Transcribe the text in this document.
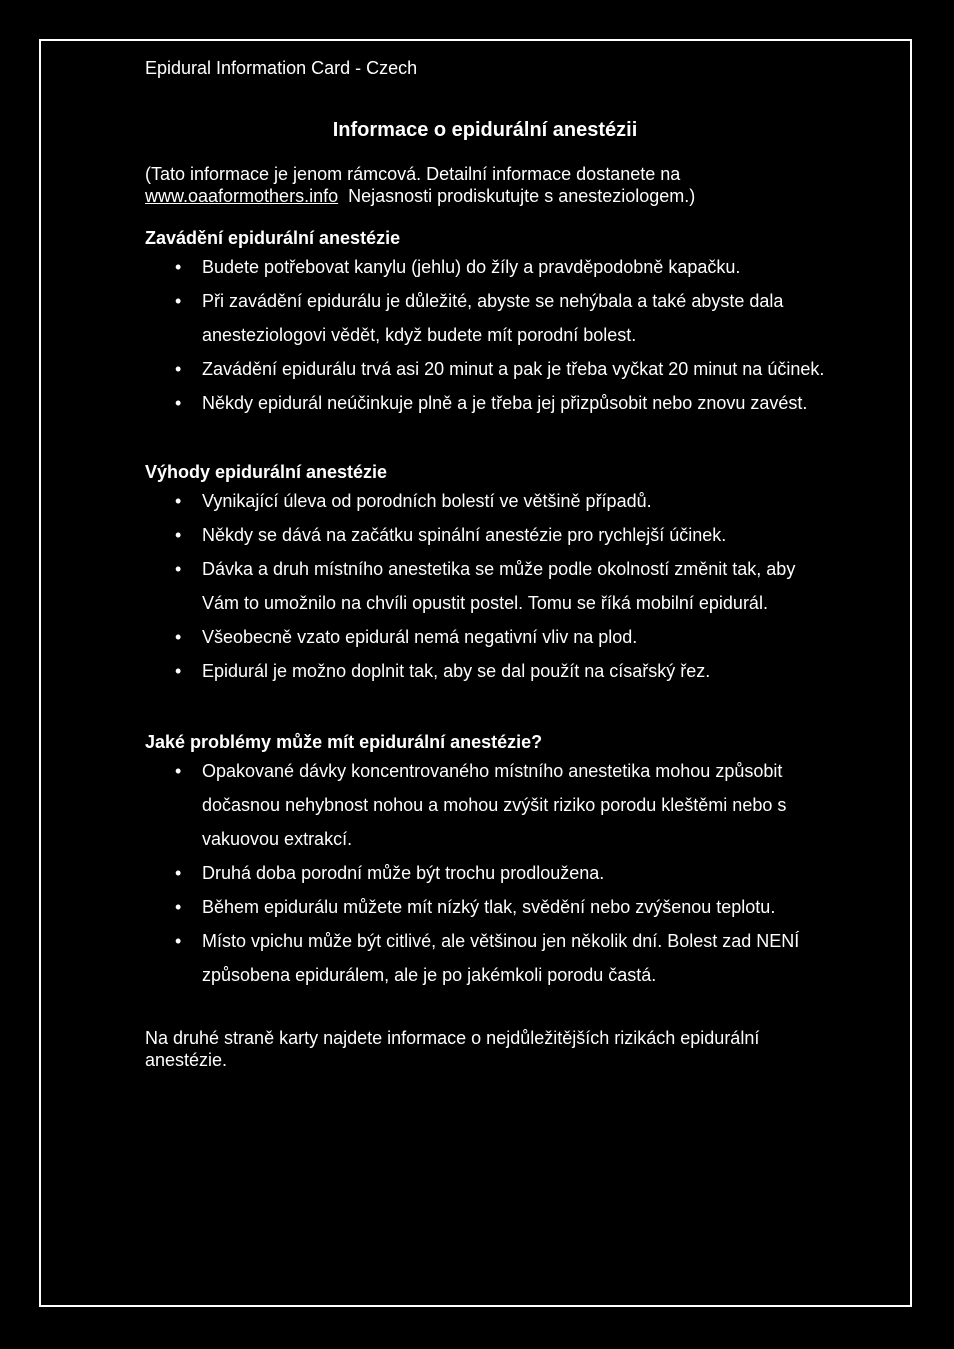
Epidural Information Card - Czech

Informace o epidurální anestézii

(Tato informace je jenom rámcová. Detailní informace dostanete na
www.oaaformothers.info  Nejasnosti prodiskutujte s anesteziologem.)

Zavádění epidurální anestézie
• Budete potřebovat kanylu (jehlu) do žíly a pravděpodobně kapačku.
• Při zavádění epidurálu je důležité, abyste se nehýbala a také abyste dala anesteziologovi vědět, když budete mít porodní bolest.
• Zavádění epidurálu trvá asi 20 minut a pak je třeba vyčkat 20 minut na účinek.
• Někdy epidurál neúčinkuje plně a je třeba jej přizpůsobit nebo znovu zavést.
Výhody epidurální anestézie
• Vynikající úleva od porodních bolestí ve většině případů.
• Někdy se dává na začátku spinální anestézie pro rychlejší účinek.
• Dávka a druh místního anestetika se může podle okolností změnit tak, aby Vám to umožnilo na chvíli opustit postel. Tomu se říká mobilní epidurál.
• Všeobecně vzato epidurál nemá negativní vliv na plod.
• Epidurál je možno doplnit tak, aby se dal použít na císařský řez.
Jaké problémy může mít epidurální anestézie?
• Opakované dávky koncentrovaného místního anestetika mohou způsobit dočasnou nehybnost nohou a mohou zvýšit riziko porodu kleštěmi nebo s vakuovou extrakcí.
• Druhá doba porodní může být trochu prodloužena.
• Během epidurálu můžete mít nízký tlak, svědění nebo zvýšenou teplotu.
• Místo vpichu může být citlivé, ale většinou jen několik dní. Bolest zad NENÍ způsobena epidurálem, ale je po jakémkoli porodu častá.

Na druhé straně karty najdete informace o nejdůležitějších rizikách epidurální anestézie.
